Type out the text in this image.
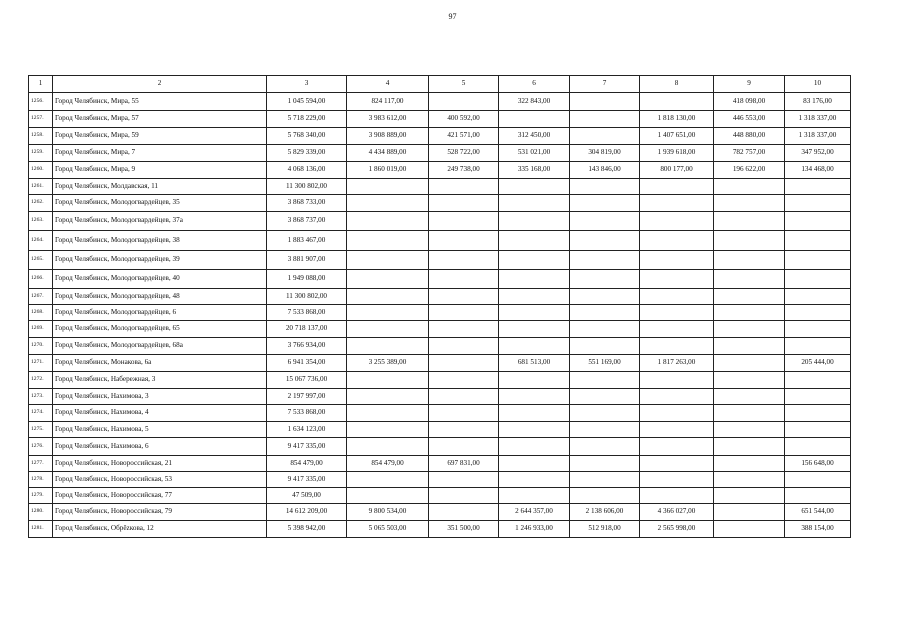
97
1	2	3	4	5	6	7	8	9	10
1256.	Город Челябинск, Мира, 55	1 045 594,00	824 117,00		322 843,00			418 098,00	83 176,00
1257.	Город Челябинск, Мира, 57	5 718 229,00	3 983 612,00	400 592,00			1 818 130,00	446 553,00	1 318 337,00
1258.	Город Челябинск, Мира, 59	5 768 340,00	3 908 889,00	421 571,00	312 450,00		1 407 651,00	448 880,00	1 318 337,00
1259.	Город Челябинск, Мира, 7	5 829 339,00	4 434 889,00	528 722,00	531 021,00	304 819,00	1 939 618,00	782 757,00	347 952,00
1260.	Город Челябинск, Мира, 9	4 068 136,00	1 860 019,00	249 738,00	335 168,00	143 846,00	800 177,00	196 622,00	134 468,00
1261.	Город Челябинск, Молдавская, 11	11 300 802,00							
1262.	Город Челябинск, Молодогвардейцев, 35	3 868 733,00							
1263.	Город Челябинск, Молодогвардейцев, 37а	3 868 737,00							
1264.	Город Челябинск, Молодогвардейцев, 38	1 883 467,00							
1265.	Город Челябинск, Молодогвардейцев, 39	3 881 907,00							
1266.	Город Челябинск, Молодогвардейцев, 40	1 949 088,00							
1267.	Город Челябинск, Молодогвардейцев, 48	11 300 802,00							
1268.	Город Челябинск, Молодогвардейцев, 6	7 533 868,00							
1269.	Город Челябинск, Молодогвардейцев, 65	20 718 137,00							
1270.	Город Челябинск, Молодогвардейцев, 68а	3 766 934,00							
1271.	Город Челябинск, Монакова, 6а	6 941 354,00	3 255 389,00		681 513,00	551 169,00	1 817 263,00		205 444,00
1272.	Город Челябинск, Набережная, 3	15 067 736,00							
1273.	Город Челябинск, Нахимова, 3	2 197 997,00							
1274.	Город Челябинск, Нахимова, 4	7 533 868,00							
1275.	Город Челябинск, Нахимова, 5	1 634 123,00							
1276.	Город Челябинск, Нахимова, 6	9 417 335,00							
1277.	Город Челябинск, Новороссийская, 21	854 479,00	854 479,00	697 831,00					156 648,00
1278.	Город Челябинск, Новороссийская, 53	9 417 335,00							
1279.	Город Челябинск, Новороссийская, 77	47 509,00							
1280.	Город Челябинск, Новороссийская, 79	14 612 209,00	9 800 534,00		2 644 357,00	2 138 606,00	4 366 027,00		651 544,00
1281.	Город Челябинск, Обрězкова, 12	5 398 942,00	5 065 503,00	351 500,00	1 246 933,00	512 918,00	2 565 998,00		388 154,00
